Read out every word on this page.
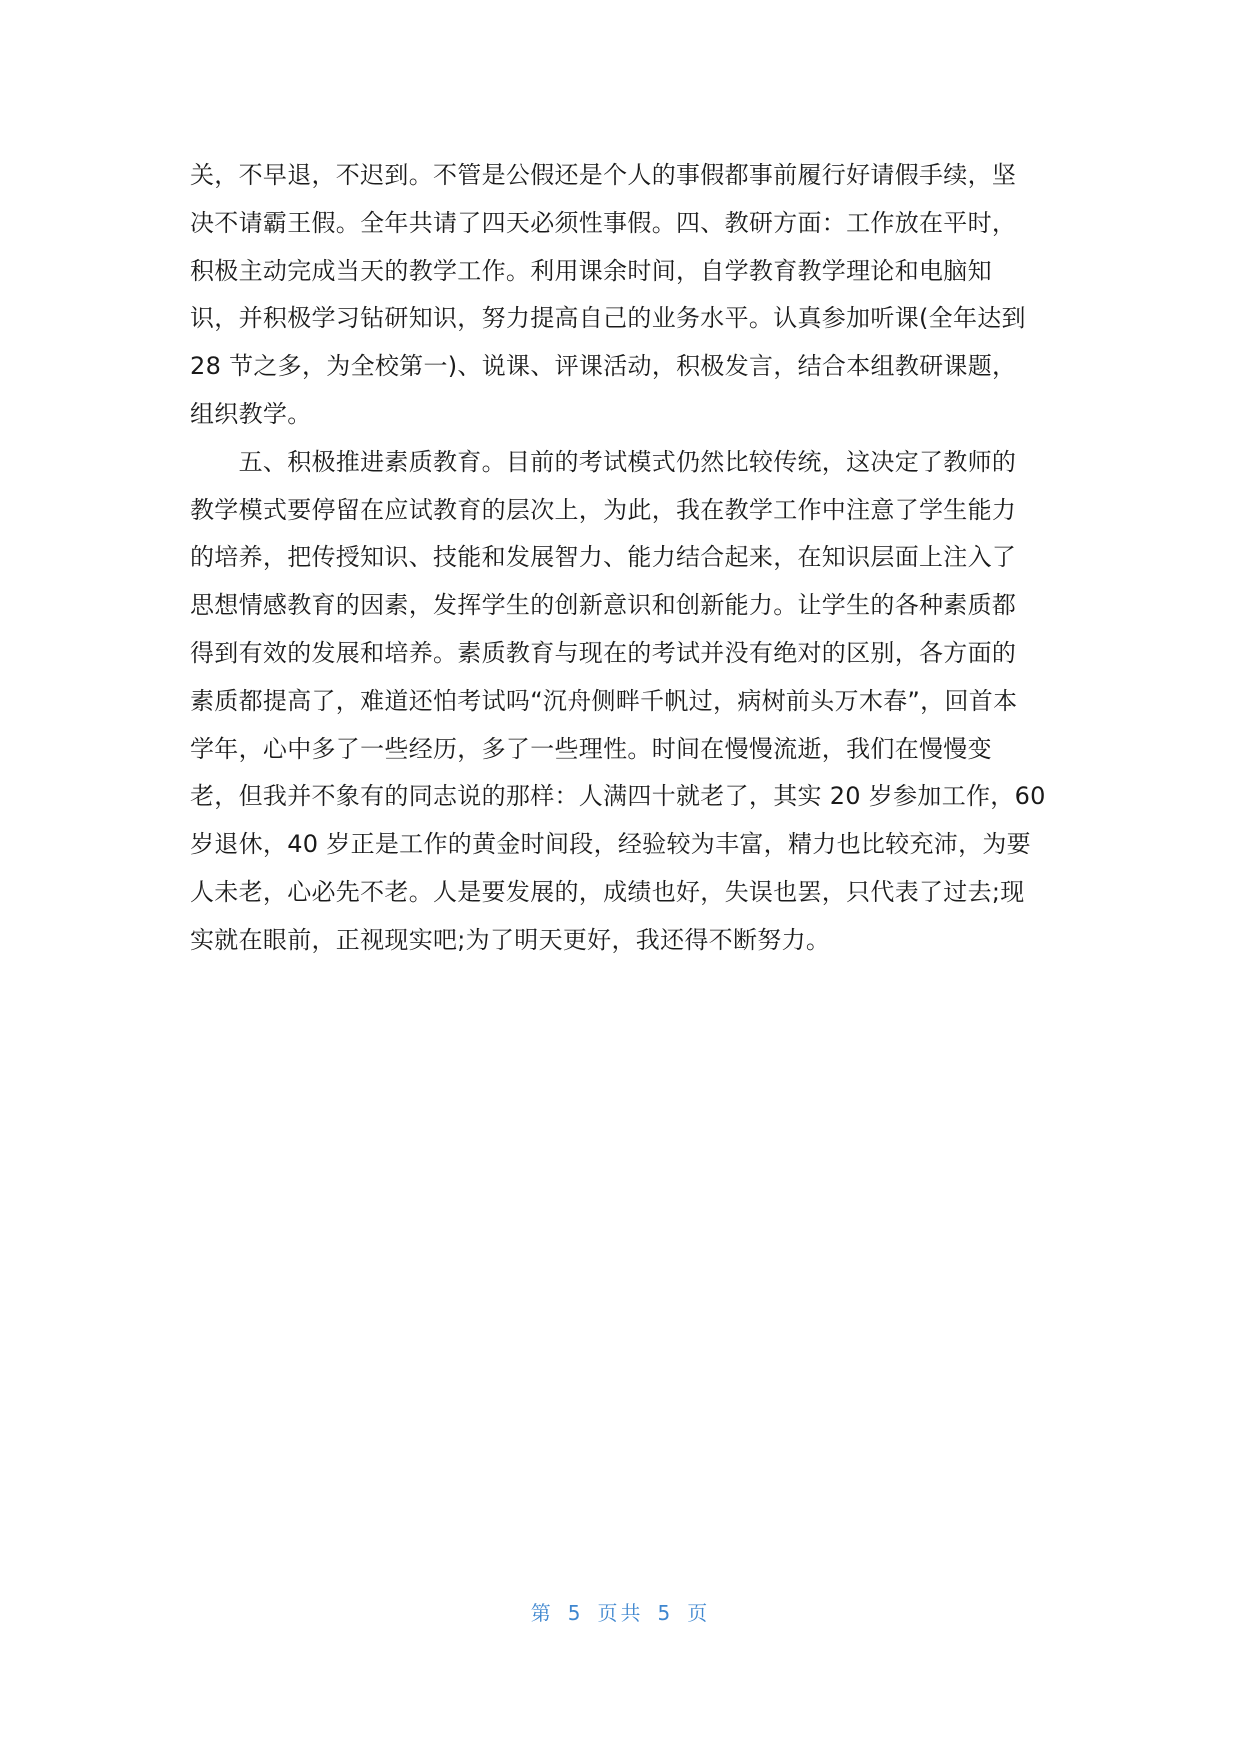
关，不早退，不迟到。不管是公假还是个人的事假都事前履行好请假手续，坚
决不请霸王假。全年共请了四天必须性事假。四、教研方面：工作放在平时，
积极主动完成当天的教学工作。利用课余时间，自学教育教学理论和电脑知
识，并积极学习钻研知识，努力提高自己的业务水平。认真参加听课(全年达到
28 节之多，为全校第一)、说课、评课活动，积极发言，结合本组教研课题，
组织教学。
　　五、积极推进素质教育。目前的考试模式仍然比较传统，这决定了教师的
教学模式要停留在应试教育的层次上，为此，我在教学工作中注意了学生能力
的培养，把传授知识、技能和发展智力、能力结合起来，在知识层面上注入了
思想情感教育的因素，发挥学生的创新意识和创新能力。让学生的各种素质都
得到有效的发展和培养。素质教育与现在的考试并没有绝对的区别，各方面的
素质都提高了，难道还怕考试吗“沉舟侧畔千帆过，病树前头万木春”，回首本
学年，心中多了一些经历，多了一些理性。时间在慢慢流逝，我们在慢慢变
老，但我并不象有的同志说的那样：人满四十就老了，其实 20 岁参加工作，60
岁退休，40 岁正是工作的黄金时间段，经验较为丰富，精力也比较充沛，为要
人未老，心必先不老。人是要发展的，成绩也好，失误也罢，只代表了过去;现
实就在眼前，正视现实吧;为了明天更好，我还得不断努力。
第 5 页共 5 页
